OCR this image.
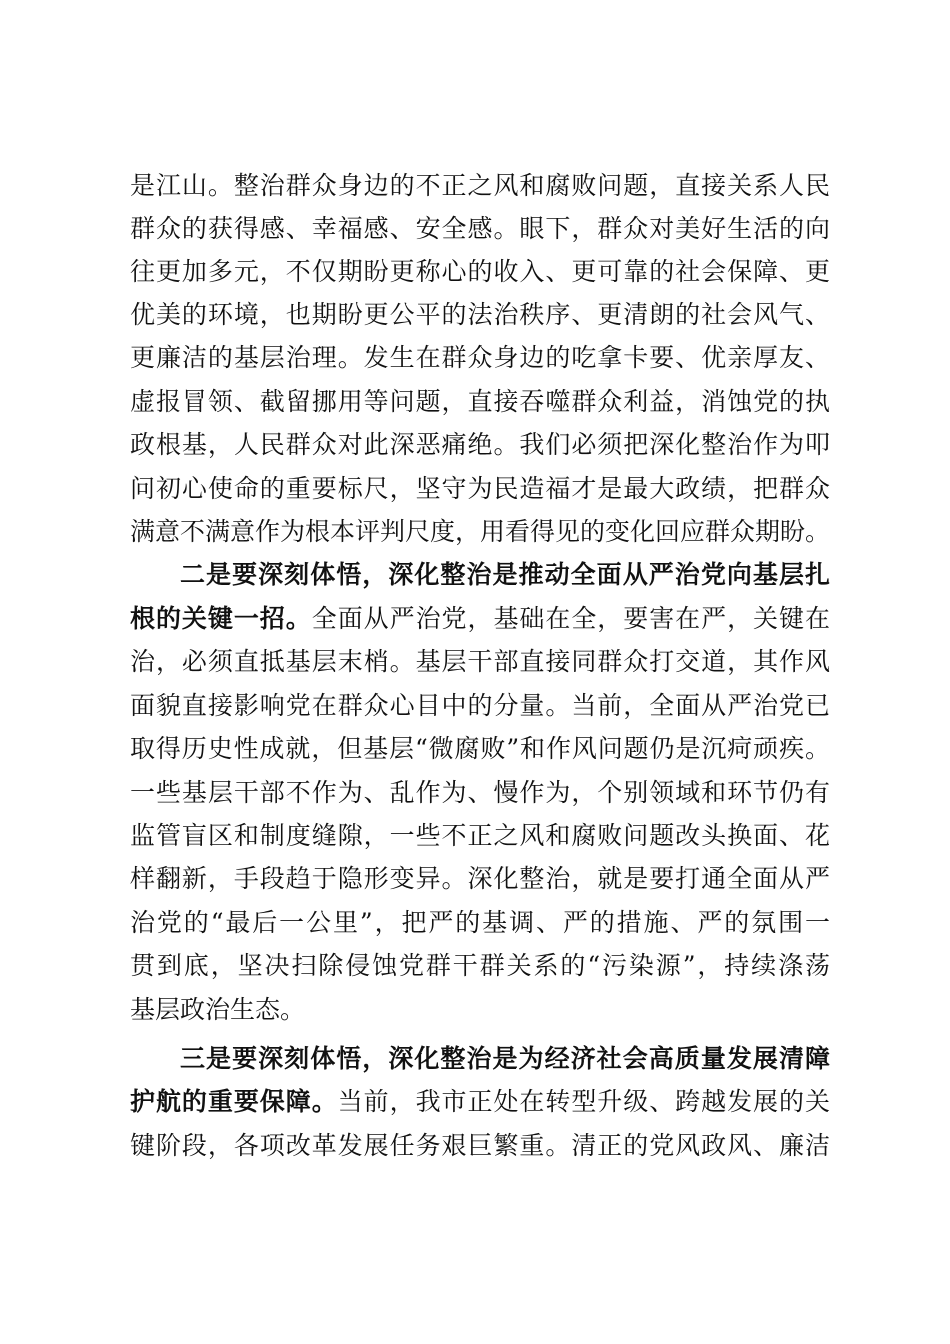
是江山。整治群众身边的不正之风和腐败问题，直接关系人民
群众的获得感、幸福感、安全感。眼下，群众对美好生活的向
往更加多元，不仅期盼更称心的收入、更可靠的社会保障、更
优美的环境，也期盼更公平的法治秩序、更清朗的社会风气、
更廉洁的基层治理。发生在群众身边的吃拿卡要、优亲厚友、
虚报冒领、截留挪用等问题，直接吞噬群众利益，消蚀党的执
政根基，人民群众对此深恶痛绝。我们必须把深化整治作为叩
问初心使命的重要标尺，坚守为民造福才是最大政绩，把群众
满意不满意作为根本评判尺度，用看得见的变化回应群众期盼。
二是要深刻体悟，深化整治是推动全面从严治党向基层扎
根的关键一招。全面从严治党，基础在全，要害在严，关键在
治，必须直抵基层末梢。基层干部直接同群众打交道，其作风
面貌直接影响党在群众心目中的分量。当前，全面从严治党已
取得历史性成就，但基层“微腐败”和作风问题仍是沉疴顽疾。
一些基层干部不作为、乱作为、慢作为，个别领域和环节仍有
监管盲区和制度缝隙，一些不正之风和腐败问题改头换面、花
样翻新，手段趋于隐形变异。深化整治，就是要打通全面从严
治党的“最后一公里”，把严的基调、严的措施、严的氛围一
贯到底，坚决扫除侵蚀党群干群关系的“污染源”，持续涤荡
基层政治生态。
三是要深刻体悟，深化整治是为经济社会高质量发展清障
护航的重要保障。当前，我市正处在转型升级、跨越发展的关
键阶段，各项改革发展任务艰巨繁重。清正的党风政风、廉洁
